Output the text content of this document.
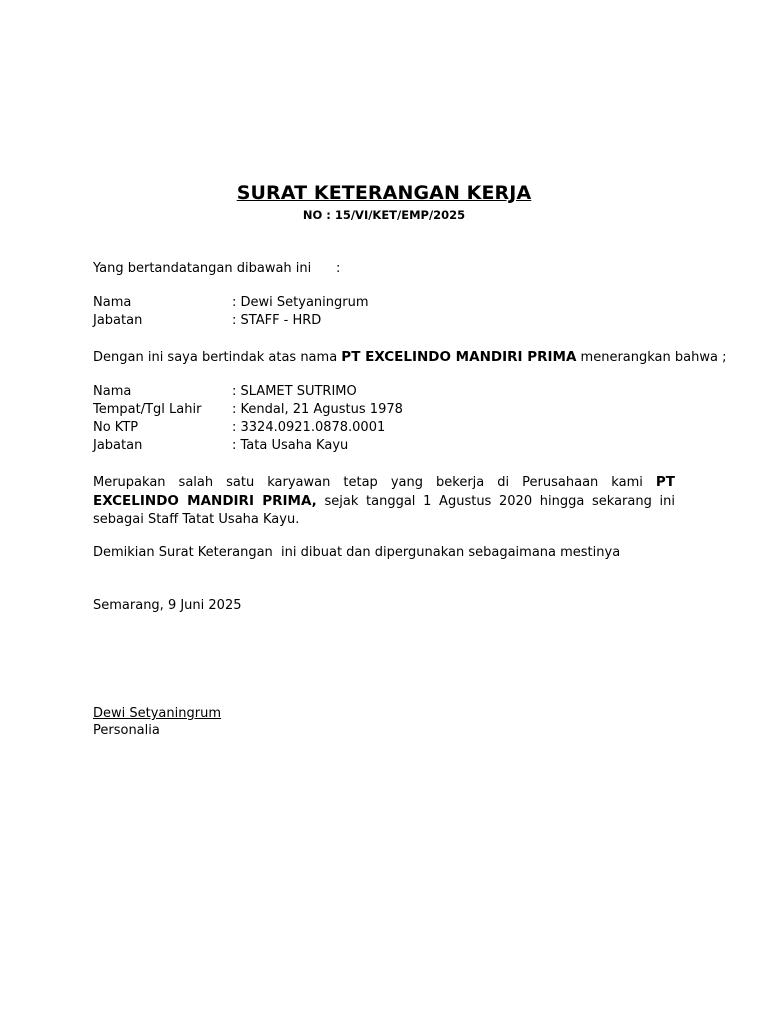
SURAT KETERANGAN KERJA
NO : 15/VI/KET/EMP/2025
Yang bertandatangan dibawah ini      :
Nama	: Dewi Setyaningrum
Jabatan	: STAFF - HRD
Dengan ini saya bertindak atas nama PT EXCELINDO MANDIRI PRIMA menerangkan bahwa ;
Nama	: SLAMET SUTRIMO
Tempat/Tgl Lahir : Kendal, 21 Agustus 1978
No KTP	: 3324.0921.0878.0001
Jabatan	: Tata Usaha Kayu
Merupakan salah satu karyawan tetap yang bekerja di Perusahaan kami PT EXCELINDO MANDIRI PRIMA, sejak tanggal 1 Agustus 2020 hingga sekarang ini sebagai Staff Tatat Usaha Kayu.
Demikian Surat Keterangan  ini dibuat dan dipergunakan sebagaimana mestinya
Semarang, 9 Juni 2025
Dewi Setyaningrum
Personalia
